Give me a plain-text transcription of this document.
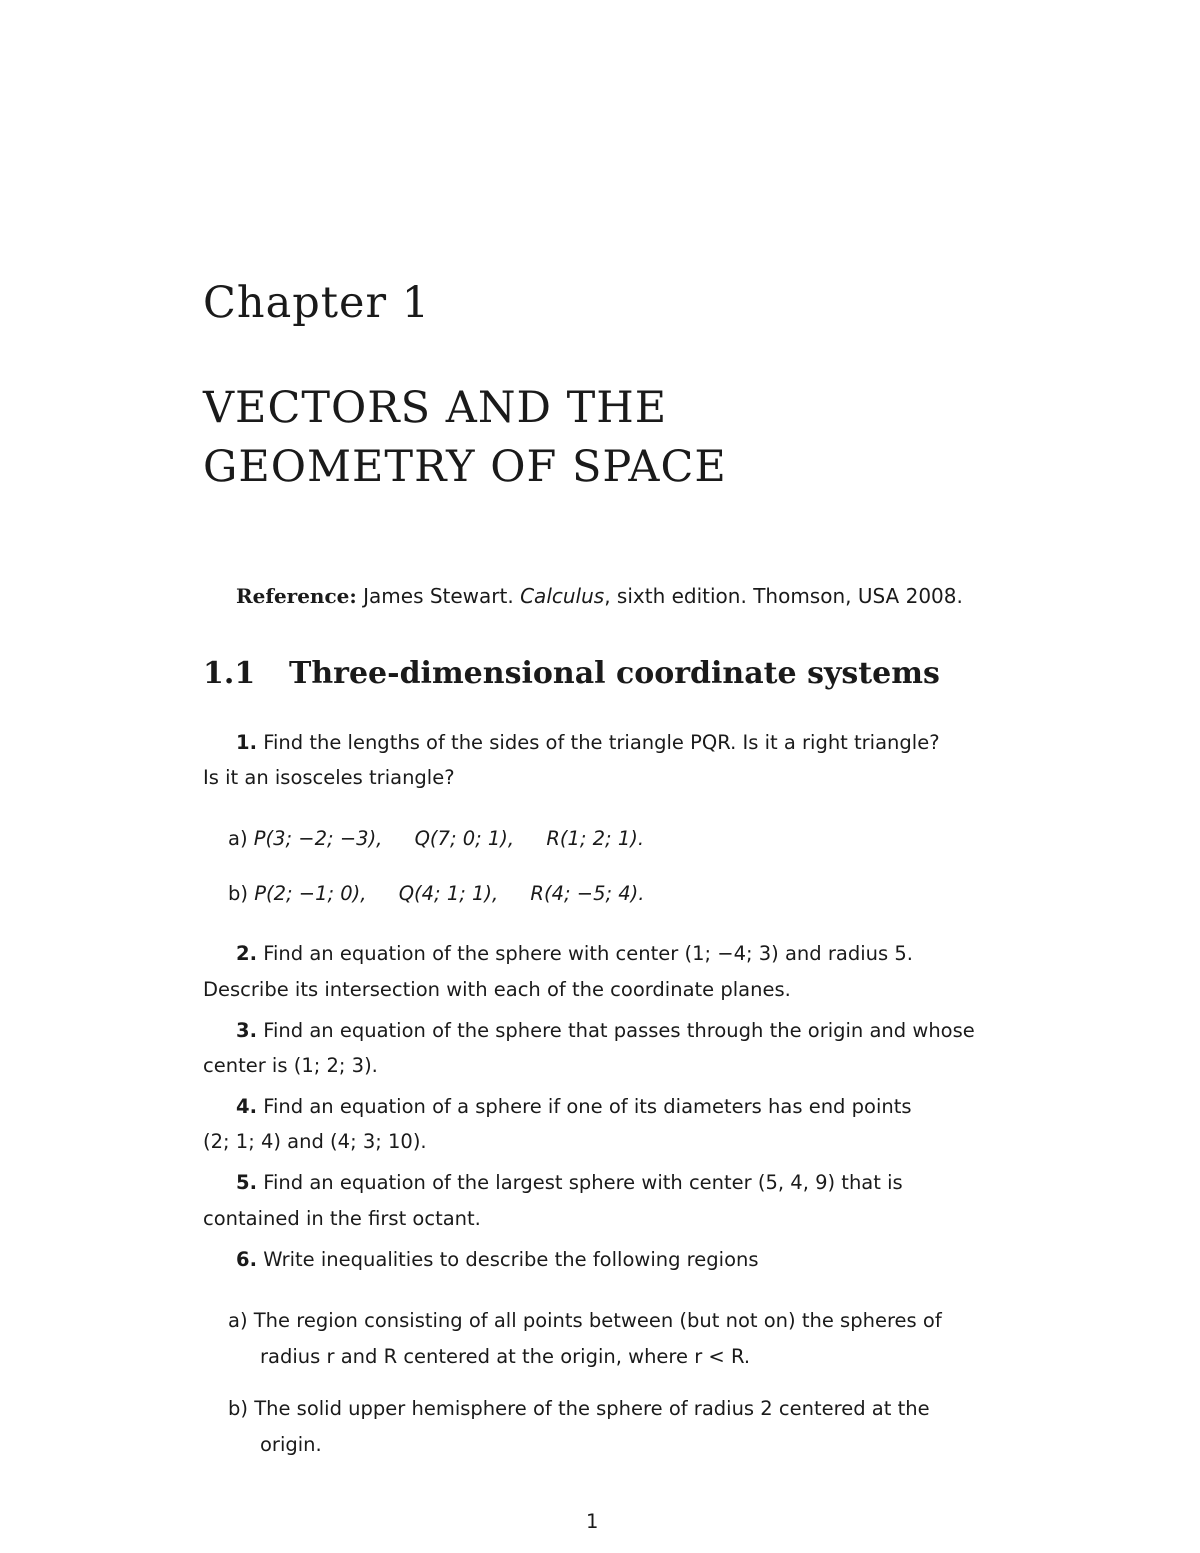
Chapter 1
VECTORS AND THE
GEOMETRY OF SPACE
Reference: James Stewart. Calculus, sixth edition. Thomson, USA 2008.
1.1 Three-dimensional coordinate systems
1. Find the lengths of the sides of the triangle PQR. Is it a right triangle?
Is it an isosceles triangle?
a) P(3; −2; −3), Q(7; 0; 1), R(1; 2; 1).
b) P(2; −1; 0), Q(4; 1; 1), R(4; −5; 4).
2. Find an equation of the sphere with center (1; −4; 3) and radius 5.
Describe its intersection with each of the coordinate planes.
3. Find an equation of the sphere that passes through the origin and whose
center is (1; 2; 3).
4. Find an equation of a sphere if one of its diameters has end points
(2; 1; 4) and (4; 3; 10).
5. Find an equation of the largest sphere with center (5, 4, 9) that is
contained in the first octant.
6. Write inequalities to describe the following regions
a) The region consisting of all points between (but not on) the spheres of
radius r and R centered at the origin, where r < R.
b) The solid upper hemisphere of the sphere of radius 2 centered at the
origin.
1
